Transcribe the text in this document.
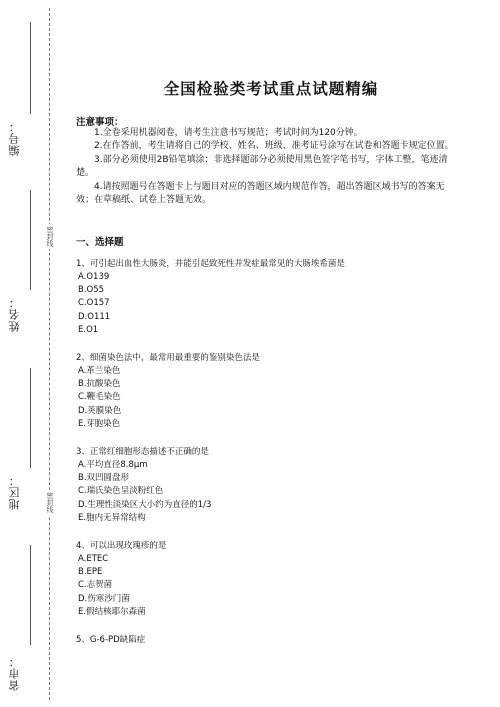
编号：
姓名：
地区：
省市：
密封线
密封线
全国检验类考试重点试题精编
注意事项：

1.全卷采用机器阅卷，请考生注意书写规范；考试时间为120分钟。

2.在作答前，考生请将自己的学校、姓名、班级、准考证号涂写在试卷和答题卡规定位置。

3.部分必须使用2B铅笔填涂；非选择题部分必须使用黑色签字笔书写，字体工整，笔迹清楚。

4.请按照题号在答题卡上与题目对应的答题区域内规范作答，超出答题区域书写的答案无效；在草稿纸、试卷上答题无效。

一、选择题

1、可引起出血性大肠炎，并能引起致死性并发症最常见的大肠埃希菌是

A.O139

B.O55

C.O157

D.O111

E.O1

2、细菌染色法中，最常用最重要的鉴别染色法是

A.革兰染色

B.抗酸染色

C.鞭毛染色

D.荚膜染色

E.芽胞染色

3、正常红细胞形态描述不正确的是

A.平均直径8.8μm

B.双凹圆盘形

C.瑞氏染色呈淡粉红色

D.生理性淡染区大小约为直径的1/3

E.胞内无异常结构

4、可以出现玫瑰疹的是

A.ETEC

B.EPE

C.志贺菌

D.伤寒沙门菌

E.假结核耶尔森菌

5、G-6-PD缺陷症
